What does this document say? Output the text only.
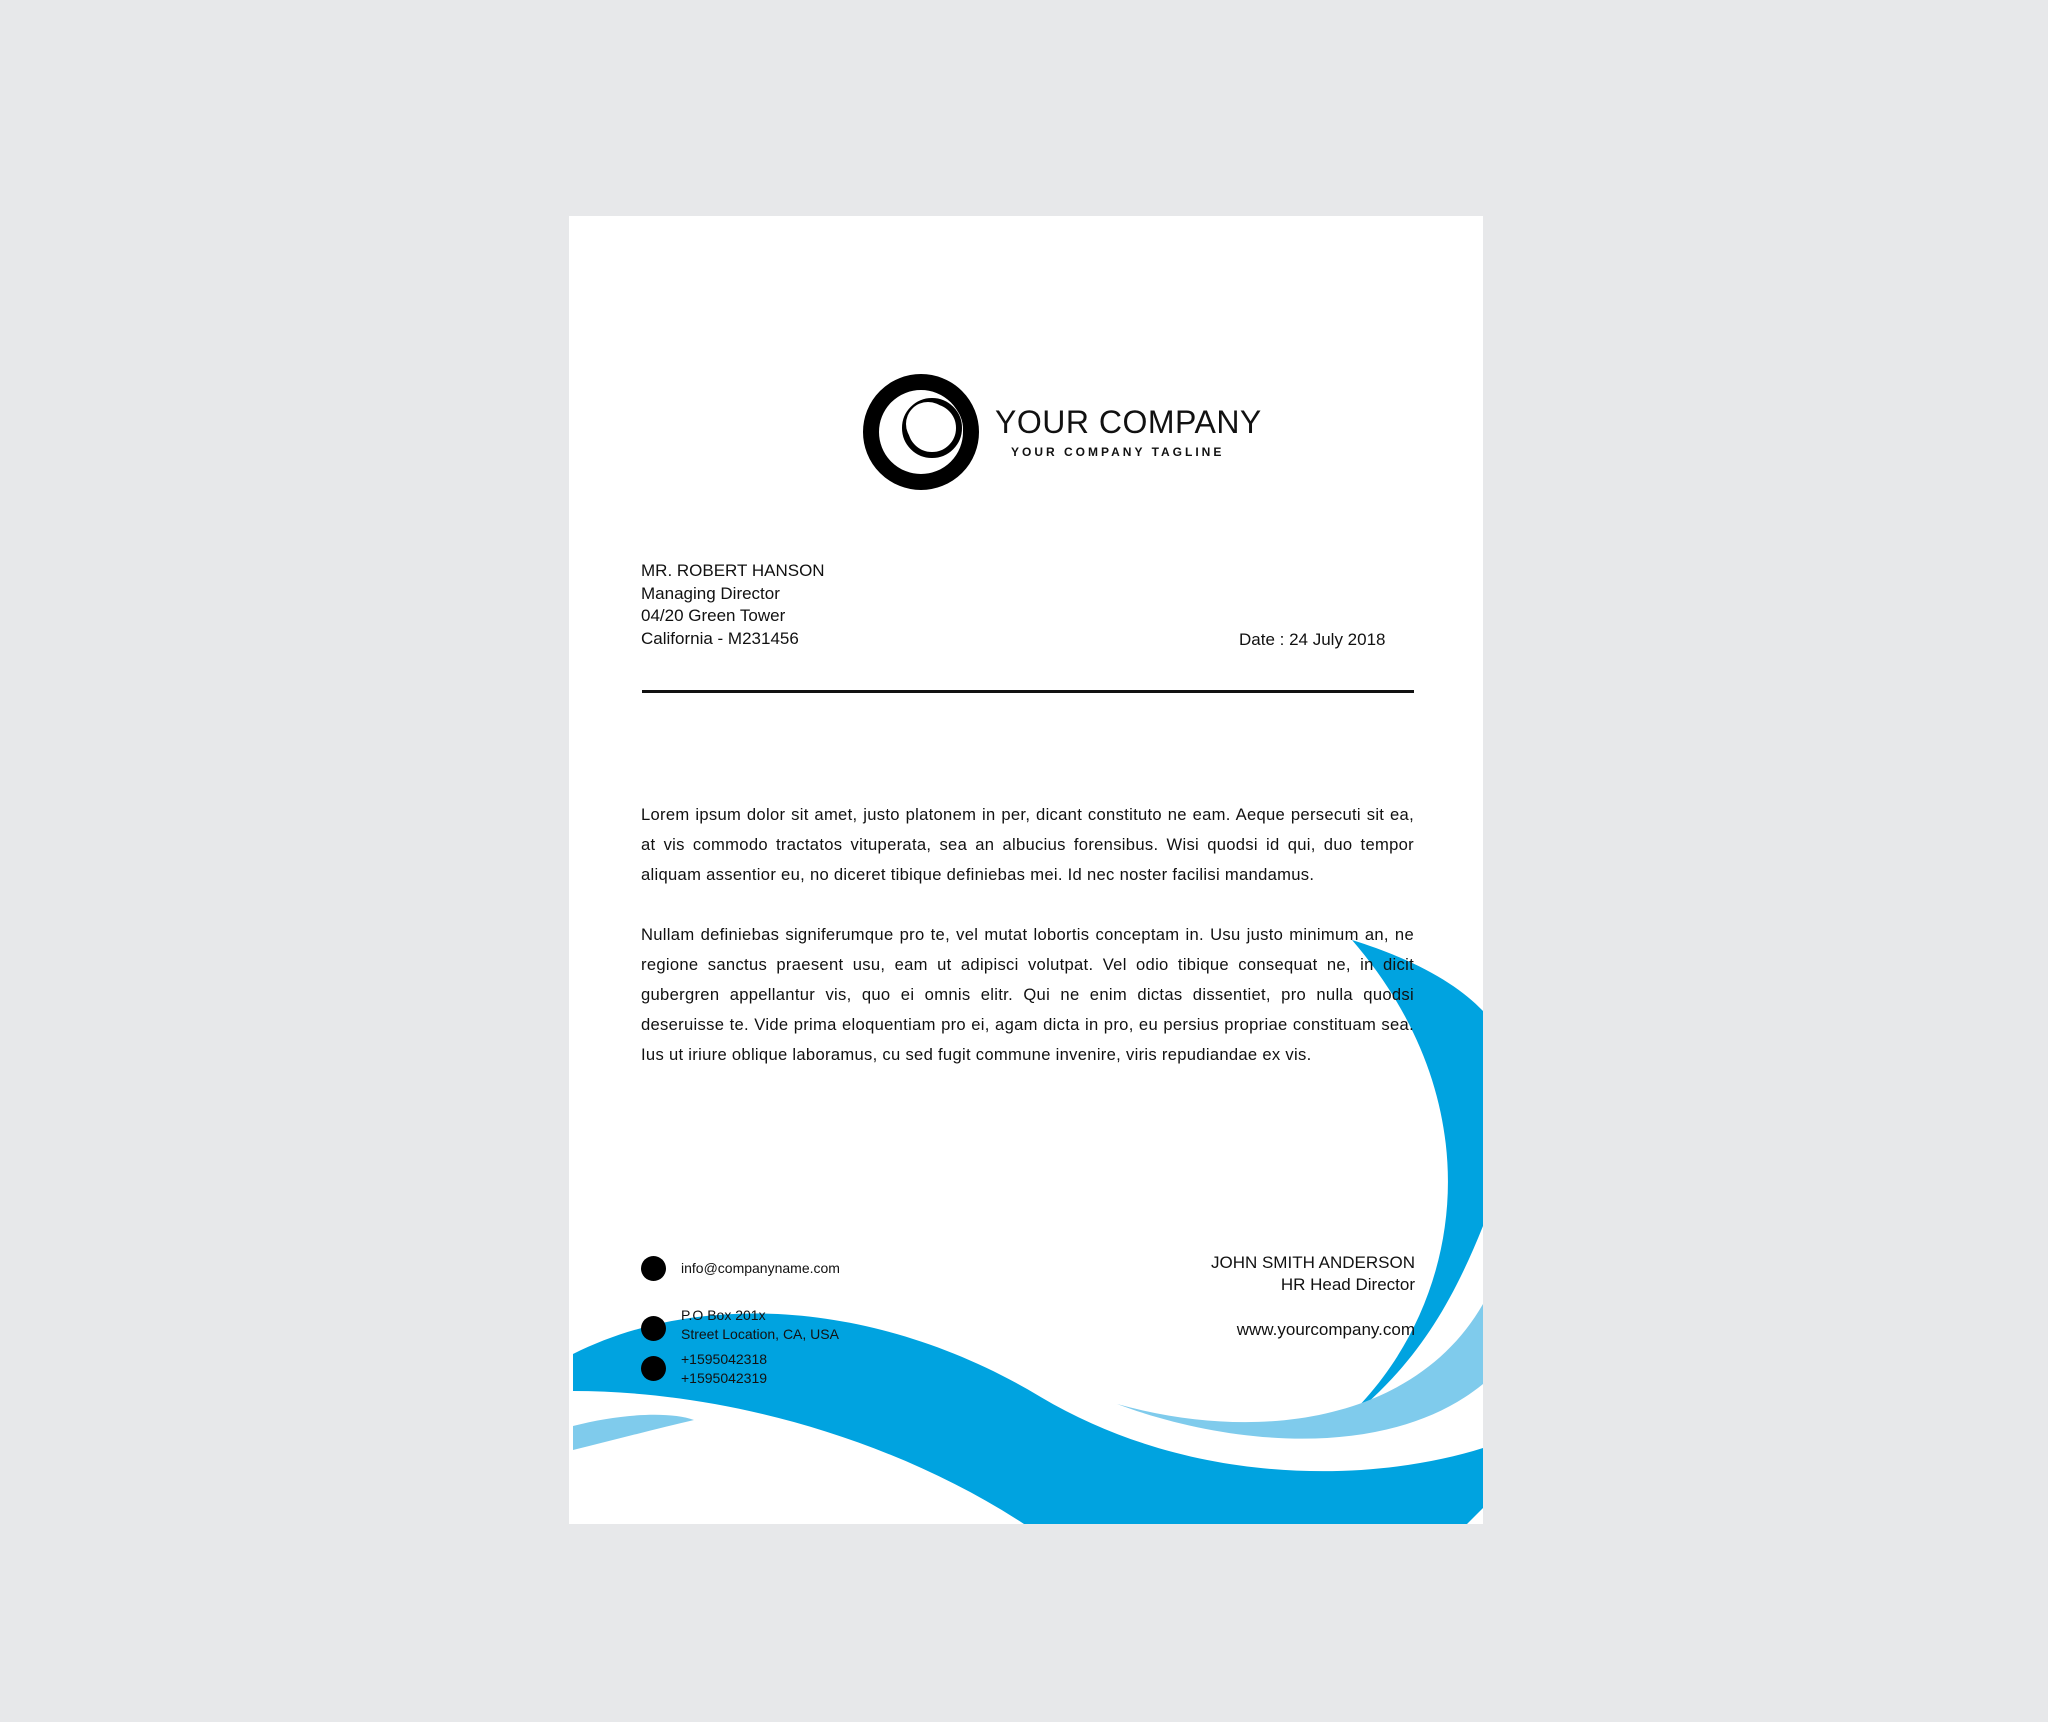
YOUR COMPANY
YOUR COMPANY TAGLINE
MR. ROBERT HANSON
Managing Director
04/20 Green Tower
California - M231456	Date : 24 July 2018

Lorem ipsum dolor sit amet, justo platonem in per, dicant constituto ne eam. Aeque persecuti sit ea, at vis commodo tractatos vituperata, sea an albucius forensibus. Wisi quodsi id qui, duo tempor aliquam assentior eu, no diceret tibique definiebas mei. Id nec noster facilisi mandamus.

Nullam definiebas signiferumque pro te, vel mutat lobortis conceptam in. Usu justo minimum an, ne regione sanctus praesent usu, eam ut adipisci volutpat. Vel odio tibique consequat ne, in dicit gubergren appellantur vis, quo ei omnis elitr. Qui ne enim dictas dissentiet, pro nulla quodsi deseruisse te. Vide prima eloquentiam pro ei, agam dicta in pro, eu persius propriae constituam sea. Ius ut iriure oblique laboramus, cu sed fugit commune invenire, viris repudiandae ex vis.

info@companyname.com
P.O Box 201x
Street Location, CA, USA
+1595042318
+1595042319
JOHN SMITH ANDERSON
HR Head Director
www.yourcompany.com
